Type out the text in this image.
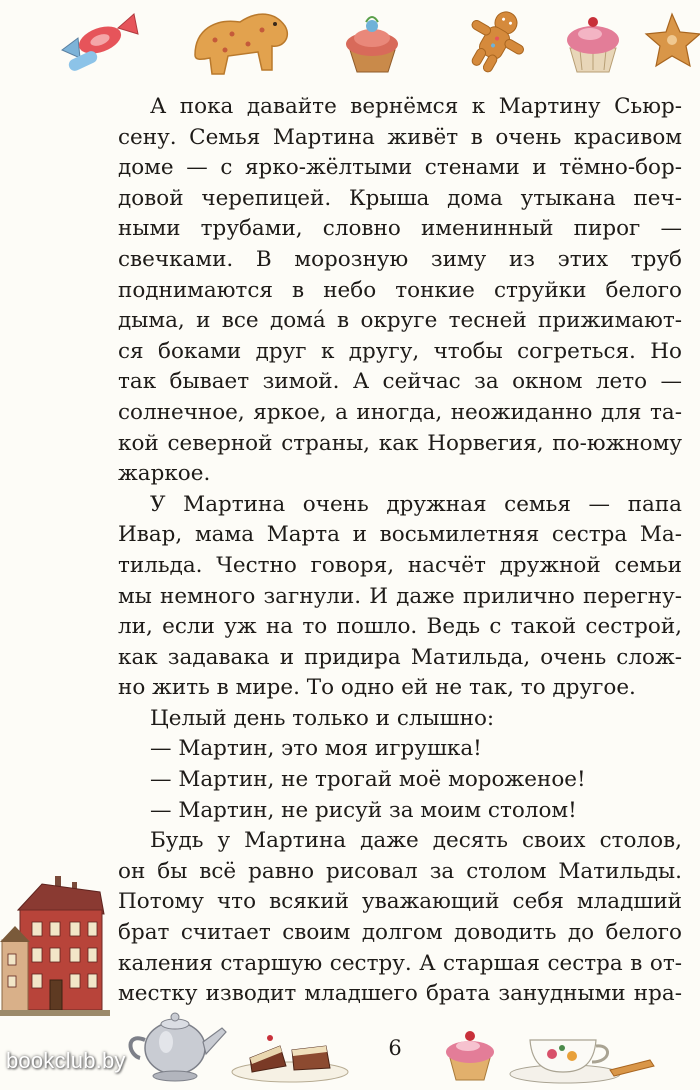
А пока давайте вернёмся к Мартину Сьюр-
сену. Семья Мартина живёт в очень красивом
доме — с ярко-жёлтыми стенами и тёмно-бор-
довой черепицей. Крыша дома утыкана печ-
ными трубами, словно именинный пирог —
свечками. В морозную зиму из этих труб
поднимаются в небо тонкие струйки белого
дыма, и все дома́ в округе тесней прижимают-
ся боками друг к другу, чтобы согреться. Но
так бывает зимой. А сейчас за окном лето —
солнечное, яркое, а иногда, неожиданно для та-
кой северной страны, как Норвегия, по-южному
жаркое.
У Мартина очень дружная семья — папа
Ивар, мама Марта и восьмилетняя сестра Ма-
тильда. Честно говоря, насчёт дружной семьи
мы немного загнули. И даже прилично перегну-
ли, если уж на то пошло. Ведь с такой сестрой,
как задавака и придира Матильда, очень слож-
но жить в мире. То одно ей не так, то другое.
Целый день только и слышно:
— Мартин, это моя игрушка!
— Мартин, не трогай моё мороженое!
— Мартин, не рисуй за моим столом!
Будь у Мартина даже десять своих столов,
он бы всё равно рисовал за столом Матильды.
Потому что всякий уважающий себя младший
брат считает своим долгом доводить до белого
каления старшую сестру. А старшая сестра в от-
местку изводит младшего брата занудными нра-
6
bookclub.by
